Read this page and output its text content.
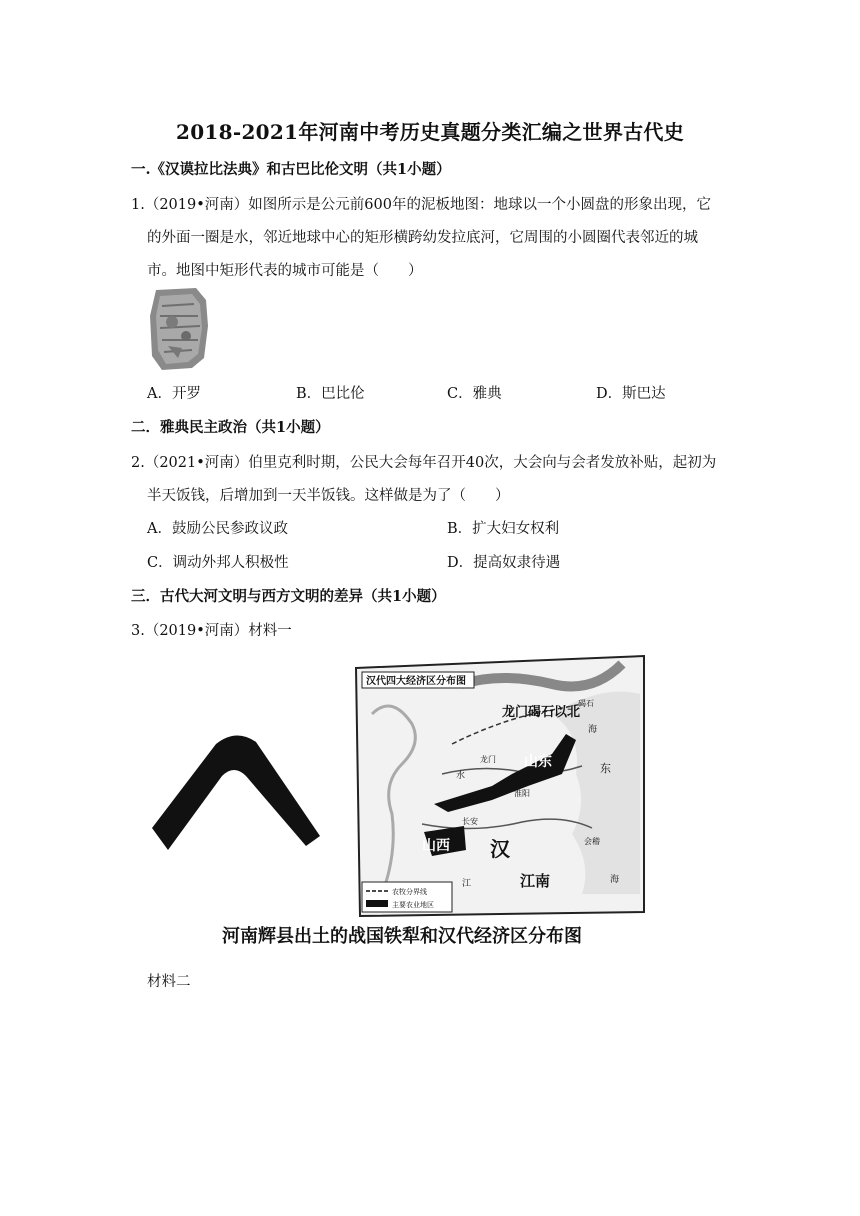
2018-2021年河南中考历史真题分类汇编之世界古代史
一.《汉谟拉比法典》和古巴比伦文明（共1小题）
1.（2019•河南）如图所示是公元前600年的泥板地图：地球以一个小圆盘的形象出现，它
的外面一圈是水，邻近地球中心的矩形横跨幼发拉底河，它周围的小圆圈代表邻近的城
市。地图中矩形代表的城市可能是（　　）
A．开罗	B．巴比伦	C．雅典	D．斯巴达
二．雅典民主政治（共1小题）
2.（2021•河南）伯里克利时期，公民大会每年召开40次，大会向与会者发放补贴，起初为
半天饭钱，后增加到一天半饭钱。这样做是为了（　　）
A．鼓励公民参政议政	B．扩大妇女权利
C．调动外邦人积极性	D．提高奴隶待遇
三．古代大河文明与西方文明的差异（共1小题）
3.（2019•河南）材料一
汉代四大经济区分布图
龙门碣石以北
碣石
海
龙门
水
山东
长安
淮阳
东
山西 汉	会稽
江	江南	海
农牧分界线
主要农业地区
河南辉县出土的战国铁犁和汉代经济区分布图
材料二
